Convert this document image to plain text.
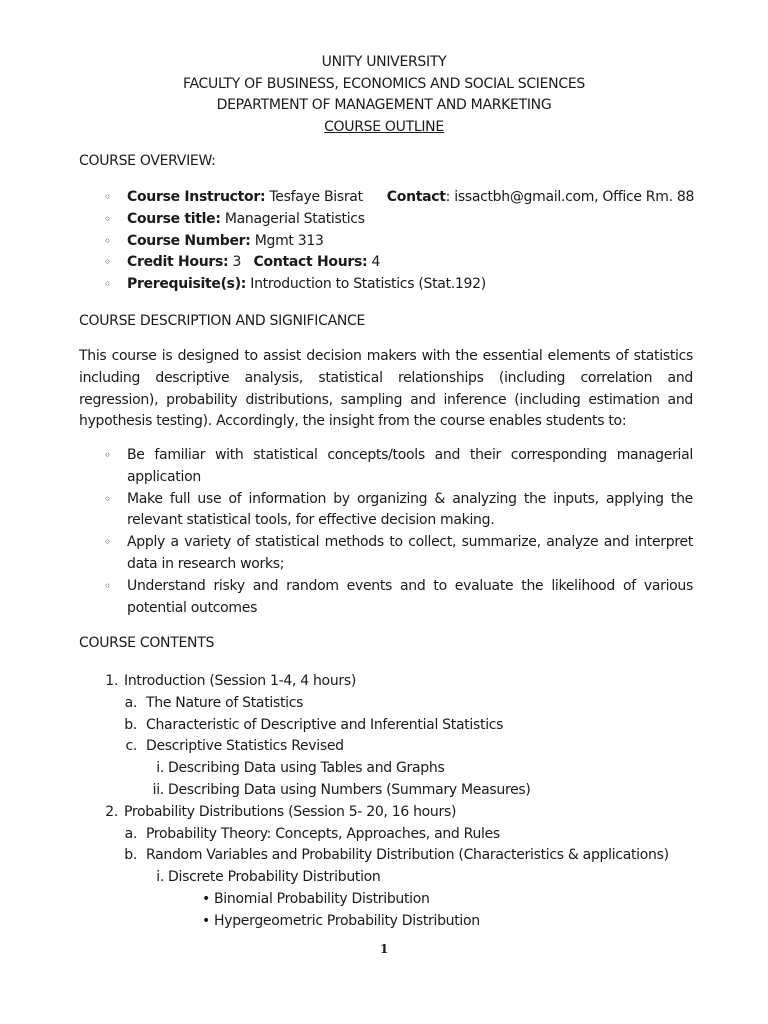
UNITY UNIVERSITY
FACULTY OF BUSINESS, ECONOMICS AND SOCIAL SCIENCES
DEPARTMENT OF MANAGEMENT AND MARKETING
COURSE OUTLINE
COURSE OVERVIEW:
◦ Course Instructor: Tesfaye Bisrat Contact: issactbh@gmail.com, Office Rm. 88
◦ Course title: Managerial Statistics
◦ Course Number: Mgmt 313
◦ Credit Hours: 3 Contact Hours: 4
◦ Prerequisite(s): Introduction to Statistics (Stat.192)
COURSE DESCRIPTION AND SIGNIFICANCE

This course is designed to assist decision makers with the essential elements of statistics including descriptive analysis, statistical relationships (including correlation and regression), probability distributions, sampling and inference (including estimation and hypothesis testing). Accordingly, the insight from the course enables students to:

◦ Be familiar with statistical concepts/tools and their corresponding managerial application
◦ Make full use of information by organizing & analyzing the inputs, applying the relevant statistical tools, for effective decision making.
◦ Apply a variety of statistical methods to collect, summarize, analyze and interpret data in research works;
◦ Understand risky and random events and to evaluate the likelihood of various potential outcomes
COURSE CONTENTS
1. Introduction (Session 1-4, 4 hours)
a. The Nature of Statistics
b. Characteristic of Descriptive and Inferential Statistics
c. Descriptive Statistics Revised
i. Describing Data using Tables and Graphs
ii. Describing Data using Numbers (Summary Measures)
2. Probability Distributions (Session 5- 20, 16 hours)
a. Probability Theory: Concepts, Approaches, and Rules
b. Random Variables and Probability Distribution (Characteristics & applications)
i. Discrete Probability Distribution
• Binomial Probability Distribution
• Hypergeometric Probability Distribution
1
